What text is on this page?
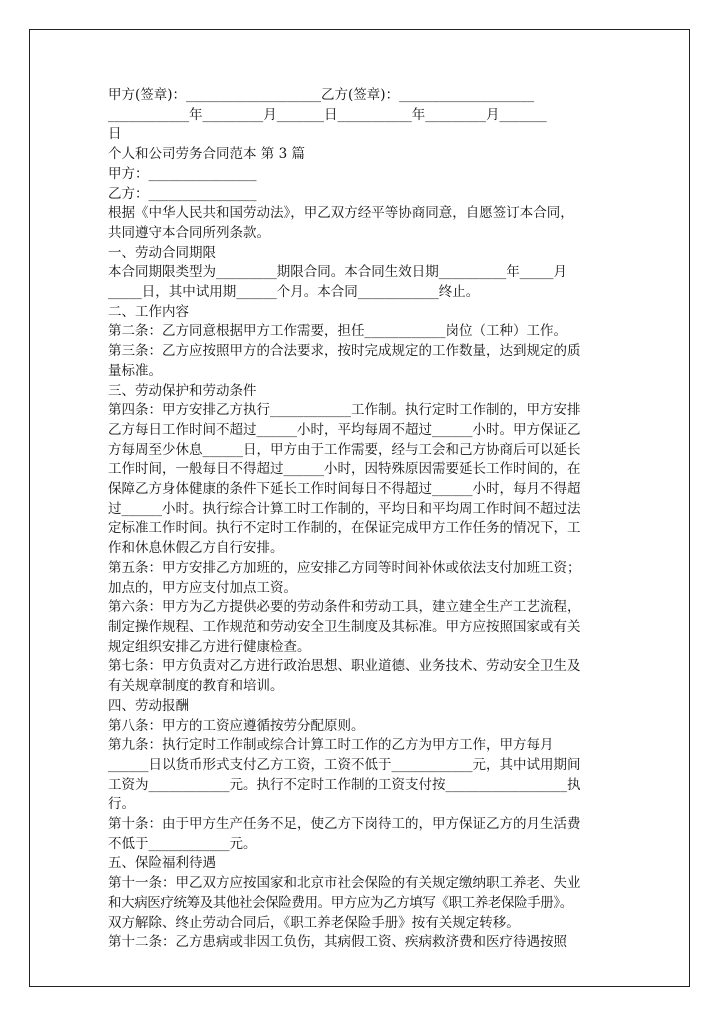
甲方(签章)：____________________乙方(签章)：____________________

____________年_________月_______日___________年_________月_______

日

个人和公司劳务合同范本 第 3 篇

甲方：________________

乙方：________________

根据《中华人民共和国劳动法》，甲乙双方经平等协商同意，自愿签订本合同，

共同遵守本合同所列条款。

一、劳动合同期限

本合同期限类型为_________期限合同。本合同生效日期__________年_____月

_____日，其中试用期______个月。本合同____________终止。

二、工作内容

第二条：乙方同意根据甲方工作需要，担任____________岗位（工种）工作。

第三条：乙方应按照甲方的合法要求，按时完成规定的工作数量，达到规定的质

量标准。

三、劳动保护和劳动条件

第四条：甲方安排乙方执行____________工作制。执行定时工作制的，甲方安排

乙方每日工作时间不超过______小时，平均每周不超过______小时。甲方保证乙

方每周至少休息______日，甲方由于工作需要，经与工会和己方协商后可以延长

工作时间，一般每日不得超过______小时，因特殊原因需要延长工作时间的，在

保障乙方身体健康的条件下延长工作时间每日不得超过______小时，每月不得超

过______小时。执行综合计算工时工作制的，平均日和平均周工作时间不超过法

定标准工作时间。执行不定时工作制的，在保证完成甲方工作任务的情况下，工

作和休息休假乙方自行安排。

第五条：甲方安排乙方加班的，应安排乙方同等时间补休或依法支付加班工资；

加点的，甲方应支付加点工资。

第六条：甲方为乙方提供必要的劳动条件和劳动工具，建立建全生产工艺流程，

制定操作规程、工作规范和劳动安全卫生制度及其标准。甲方应按照国家或有关

规定组织安排乙方进行健康检查。

第七条：甲方负责对乙方进行政治思想、职业道德、业务技术、劳动安全卫生及

有关规章制度的教育和培训。

四、劳动报酬

第八条：甲方的工资应遵循按劳分配原则。

第九条：执行定时工作制或综合计算工时工作的乙方为甲方工作，甲方每月

______日以货币形式支付乙方工资，工资不低于____________元，其中试用期间

工资为____________元。执行不定时工作制的工资支付按__________________执

行。

第十条：由于甲方生产任务不足，使乙方下岗待工的，甲方保证乙方的月生活费

不低于____________元。

五、保险福利待遇

第十一条：甲乙双方应按国家和北京市社会保险的有关规定缴纳职工养老、失业

和大病医疗统筹及其他社会保险费用。甲方应为乙方填写《职工养老保险手册》。

双方解除、终止劳动合同后，《职工养老保险手册》按有关规定转移。

第十二条：乙方患病或非因工负伤，其病假工资、疾病救济费和医疗待遇按照
